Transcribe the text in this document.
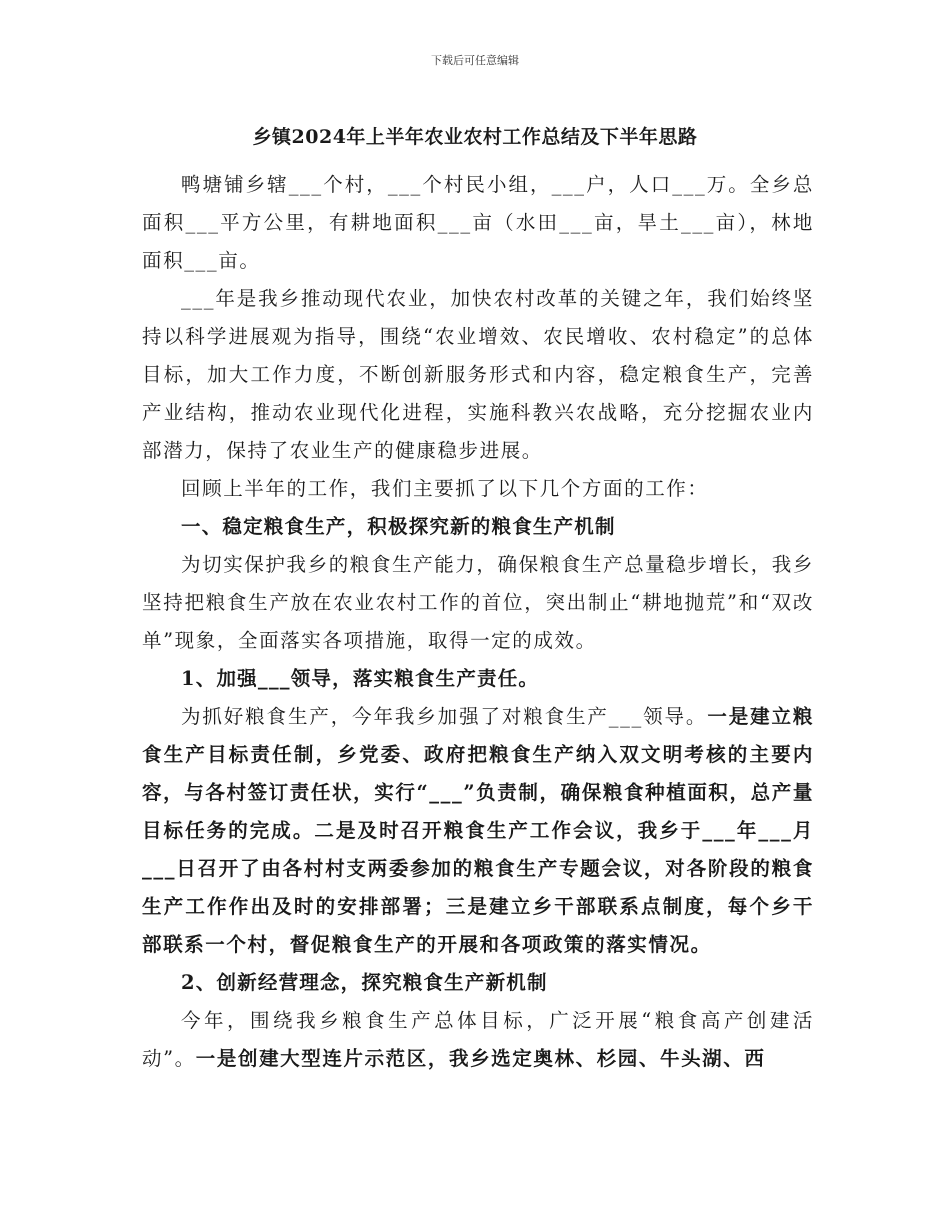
下载后可任意编辑
乡镇2024年上半年农业农村工作总结及下半年思路

鸭塘铺乡辖___个村，___个村民小组，___户，人口___万。全乡总面积___平方公里，有耕地面积___亩（水田___亩，旱土___亩），林地面积___亩。

___年是我乡推动现代农业，加快农村改革的关键之年，我们始终坚持以科学进展观为指导，围绕“农业增效、农民增收、农村稳定”的总体目标，加大工作力度，不断创新服务形式和内容，稳定粮食生产，完善产业结构，推动农业现代化进程，实施科教兴农战略，充分挖掘农业内部潜力，保持了农业生产的健康稳步进展。

回顾上半年的工作，我们主要抓了以下几个方面的工作：

一、稳定粮食生产，积极探究新的粮食生产机制

为切实保护我乡的粮食生产能力，确保粮食生产总量稳步增长，我乡坚持把粮食生产放在农业农村工作的首位，突出制止“耕地抛荒”和“双改单”现象，全面落实各项措施，取得一定的成效。

1、加强___领导，落实粮食生产责任。

为抓好粮食生产，今年我乡加强了对粮食生产___领导。一是建立粮食生产目标责任制，乡党委、政府把粮食生产纳入双文明考核的主要内容，与各村签订责任状，实行“___”负责制，确保粮食种植面积，总产量目标任务的完成。二是及时召开粮食生产工作会议，我乡于___年___月___日召开了由各村村支两委参加的粮食生产专题会议，对各阶段的粮食生产工作作出及时的安排部署；三是建立乡干部联系点制度，每个乡干部联系一个村，督促粮食生产的开展和各项政策的落实情况。

2、创新经营理念，探究粮食生产新机制

今年，围绕我乡粮食生产总体目标，广泛开展“粮食高产创建活动”。一是创建大型连片示范区，我乡选定奥林、杉园、牛头湖、西
